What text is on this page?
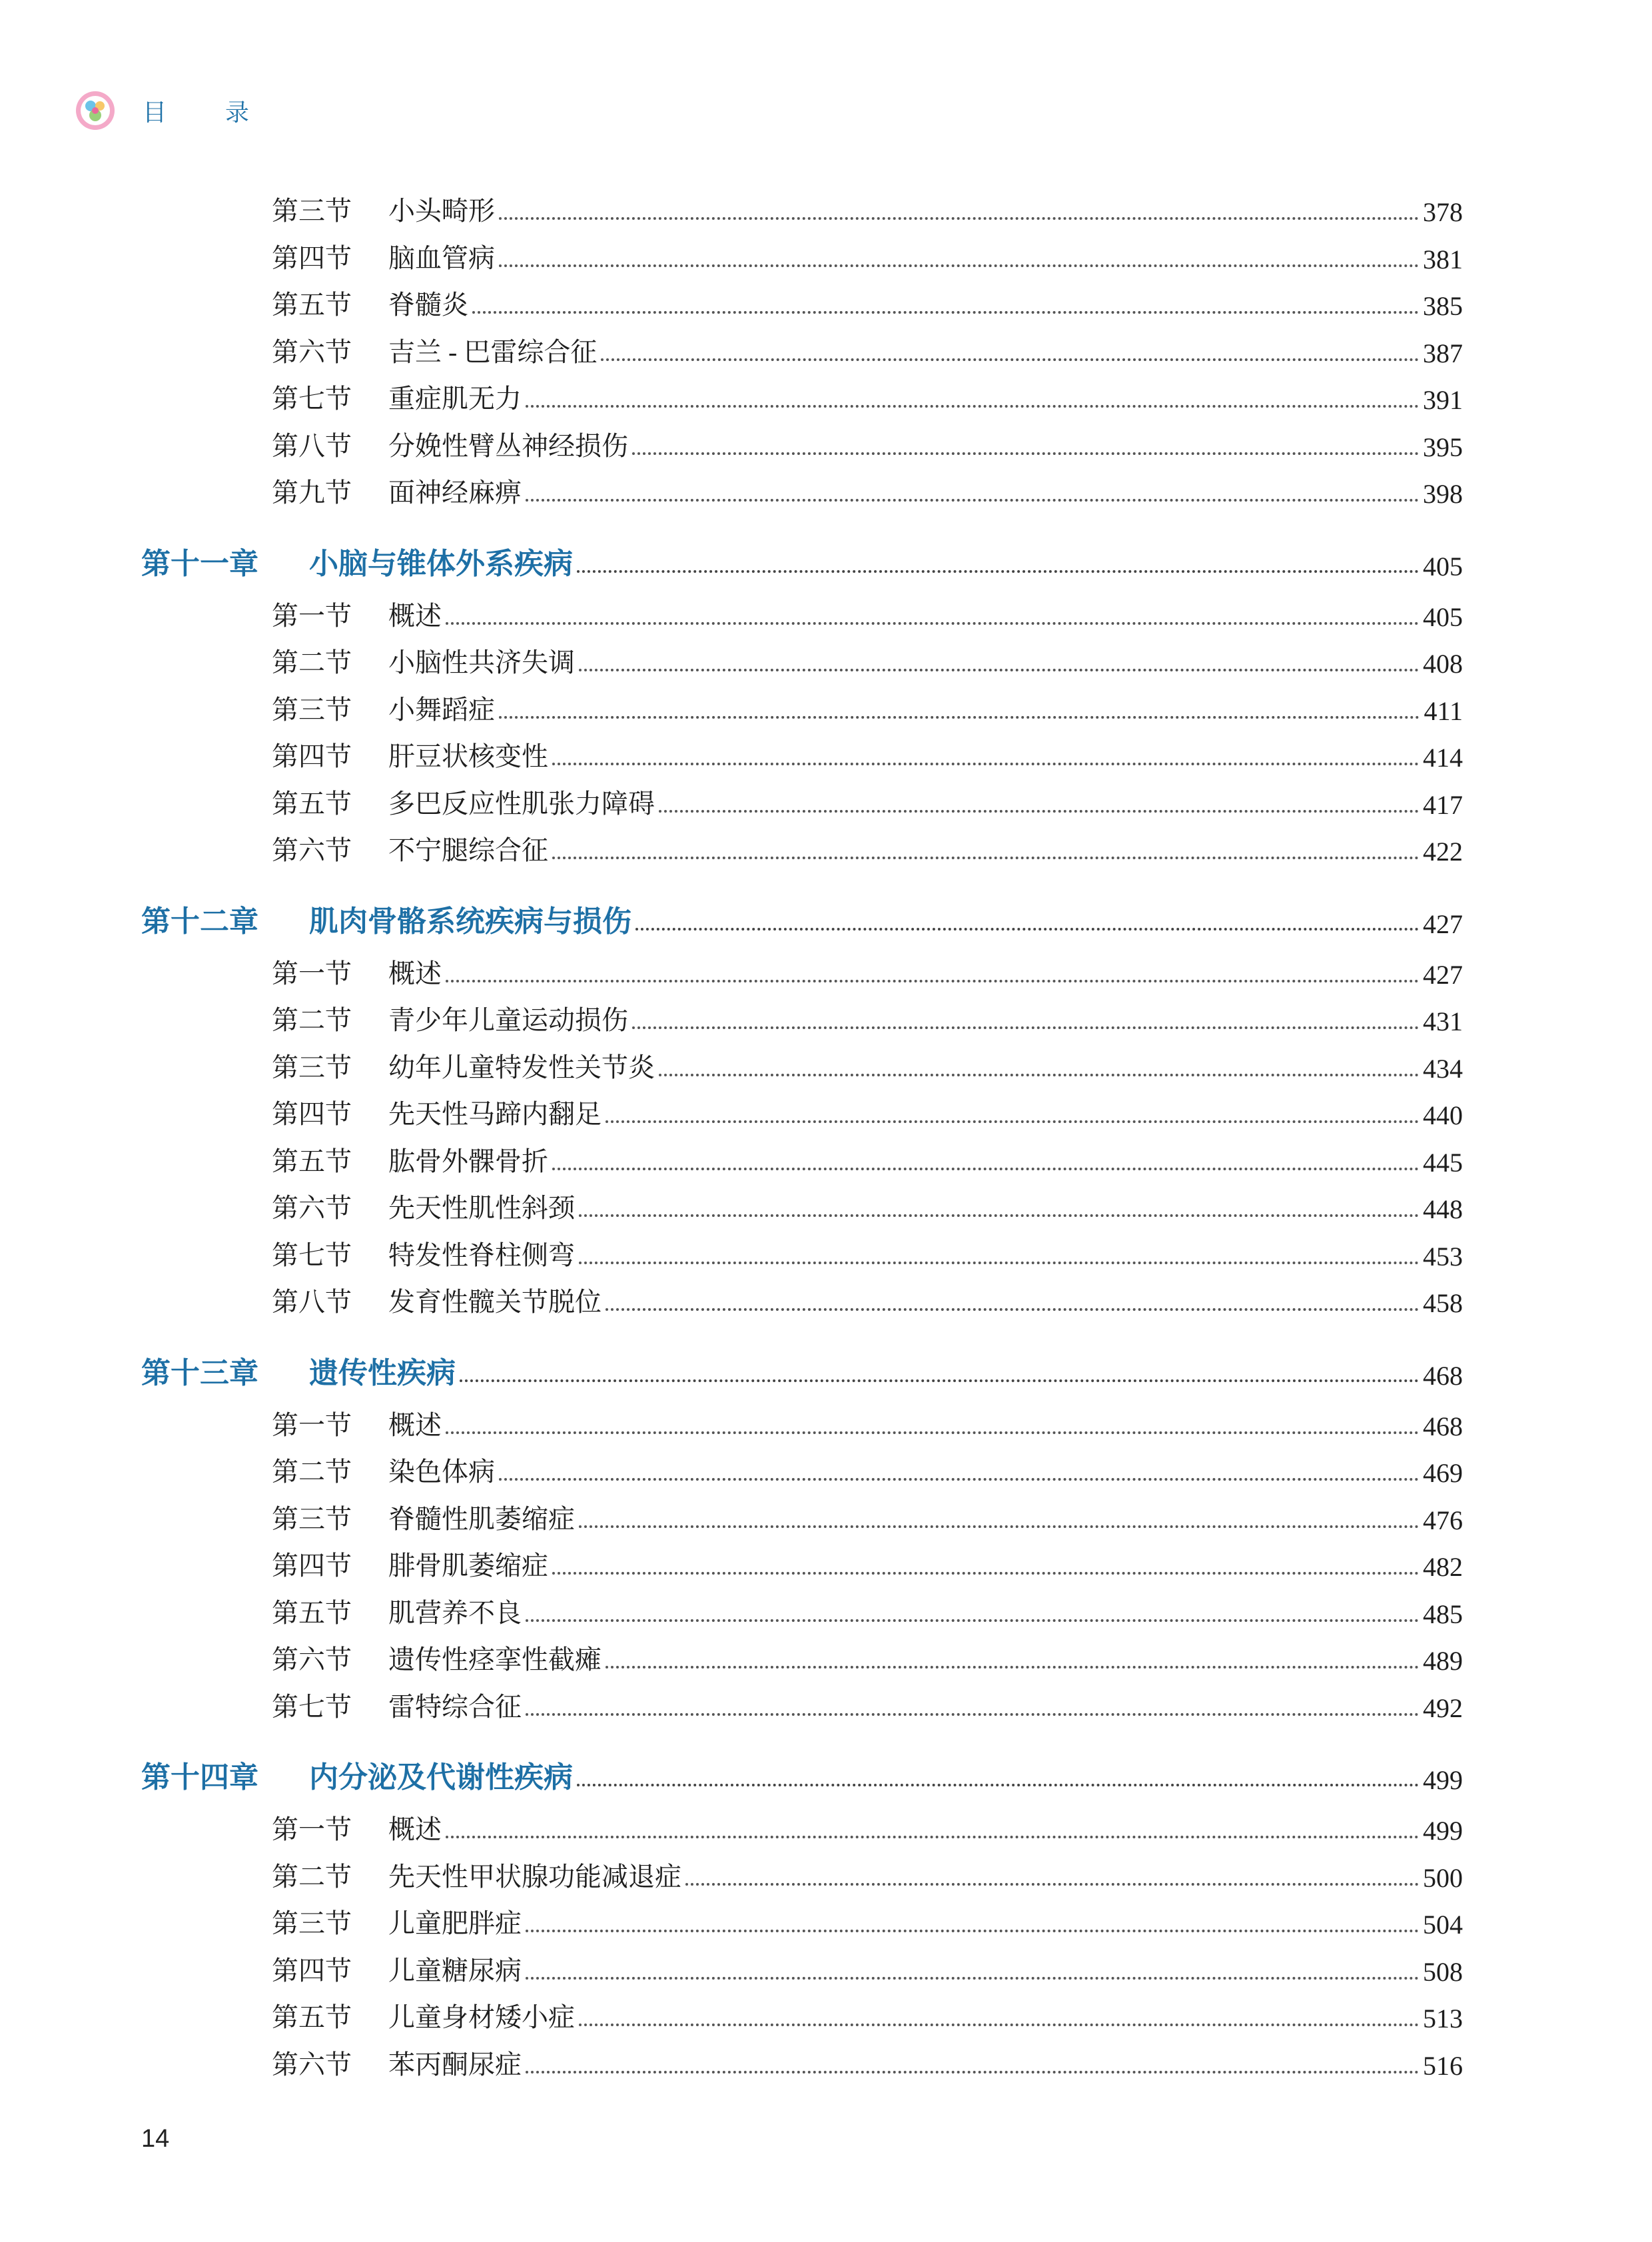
目录
第三节	小头畸形	378
第四节	脑血管病	381
第五节	脊髓炎	385
第六节	吉兰 - 巴雷综合征	387
第七节	重症肌无力	391
第八节	分娩性臂丛神经损伤	395
第九节	面神经麻痹	398
第十一章	小脑与锥体外系疾病	405
第一节	概述	405
第二节	小脑性共济失调	408
第三节	小舞蹈症	411
第四节	肝豆状核变性	414
第五节	多巴反应性肌张力障碍	417
第六节	不宁腿综合征	422
第十二章	肌肉骨骼系统疾病与损伤	427
第一节	概述	427
第二节	青少年儿童运动损伤	431
第三节	幼年儿童特发性关节炎	434
第四节	先天性马蹄内翻足	440
第五节	肱骨外髁骨折	445
第六节	先天性肌性斜颈	448
第七节	特发性脊柱侧弯	453
第八节	发育性髋关节脱位	458
第十三章	遗传性疾病	468
第一节	概述	468
第二节	染色体病	469
第三节	脊髓性肌萎缩症	476
第四节	腓骨肌萎缩症	482
第五节	肌营养不良	485
第六节	遗传性痉挛性截瘫	489
第七节	雷特综合征	492
第十四章	内分泌及代谢性疾病	499
第一节	概述	499
第二节	先天性甲状腺功能减退症	500
第三节	儿童肥胖症	504
第四节	儿童糖尿病	508
第五节	儿童身材矮小症	513
第六节	苯丙酮尿症	516
14
